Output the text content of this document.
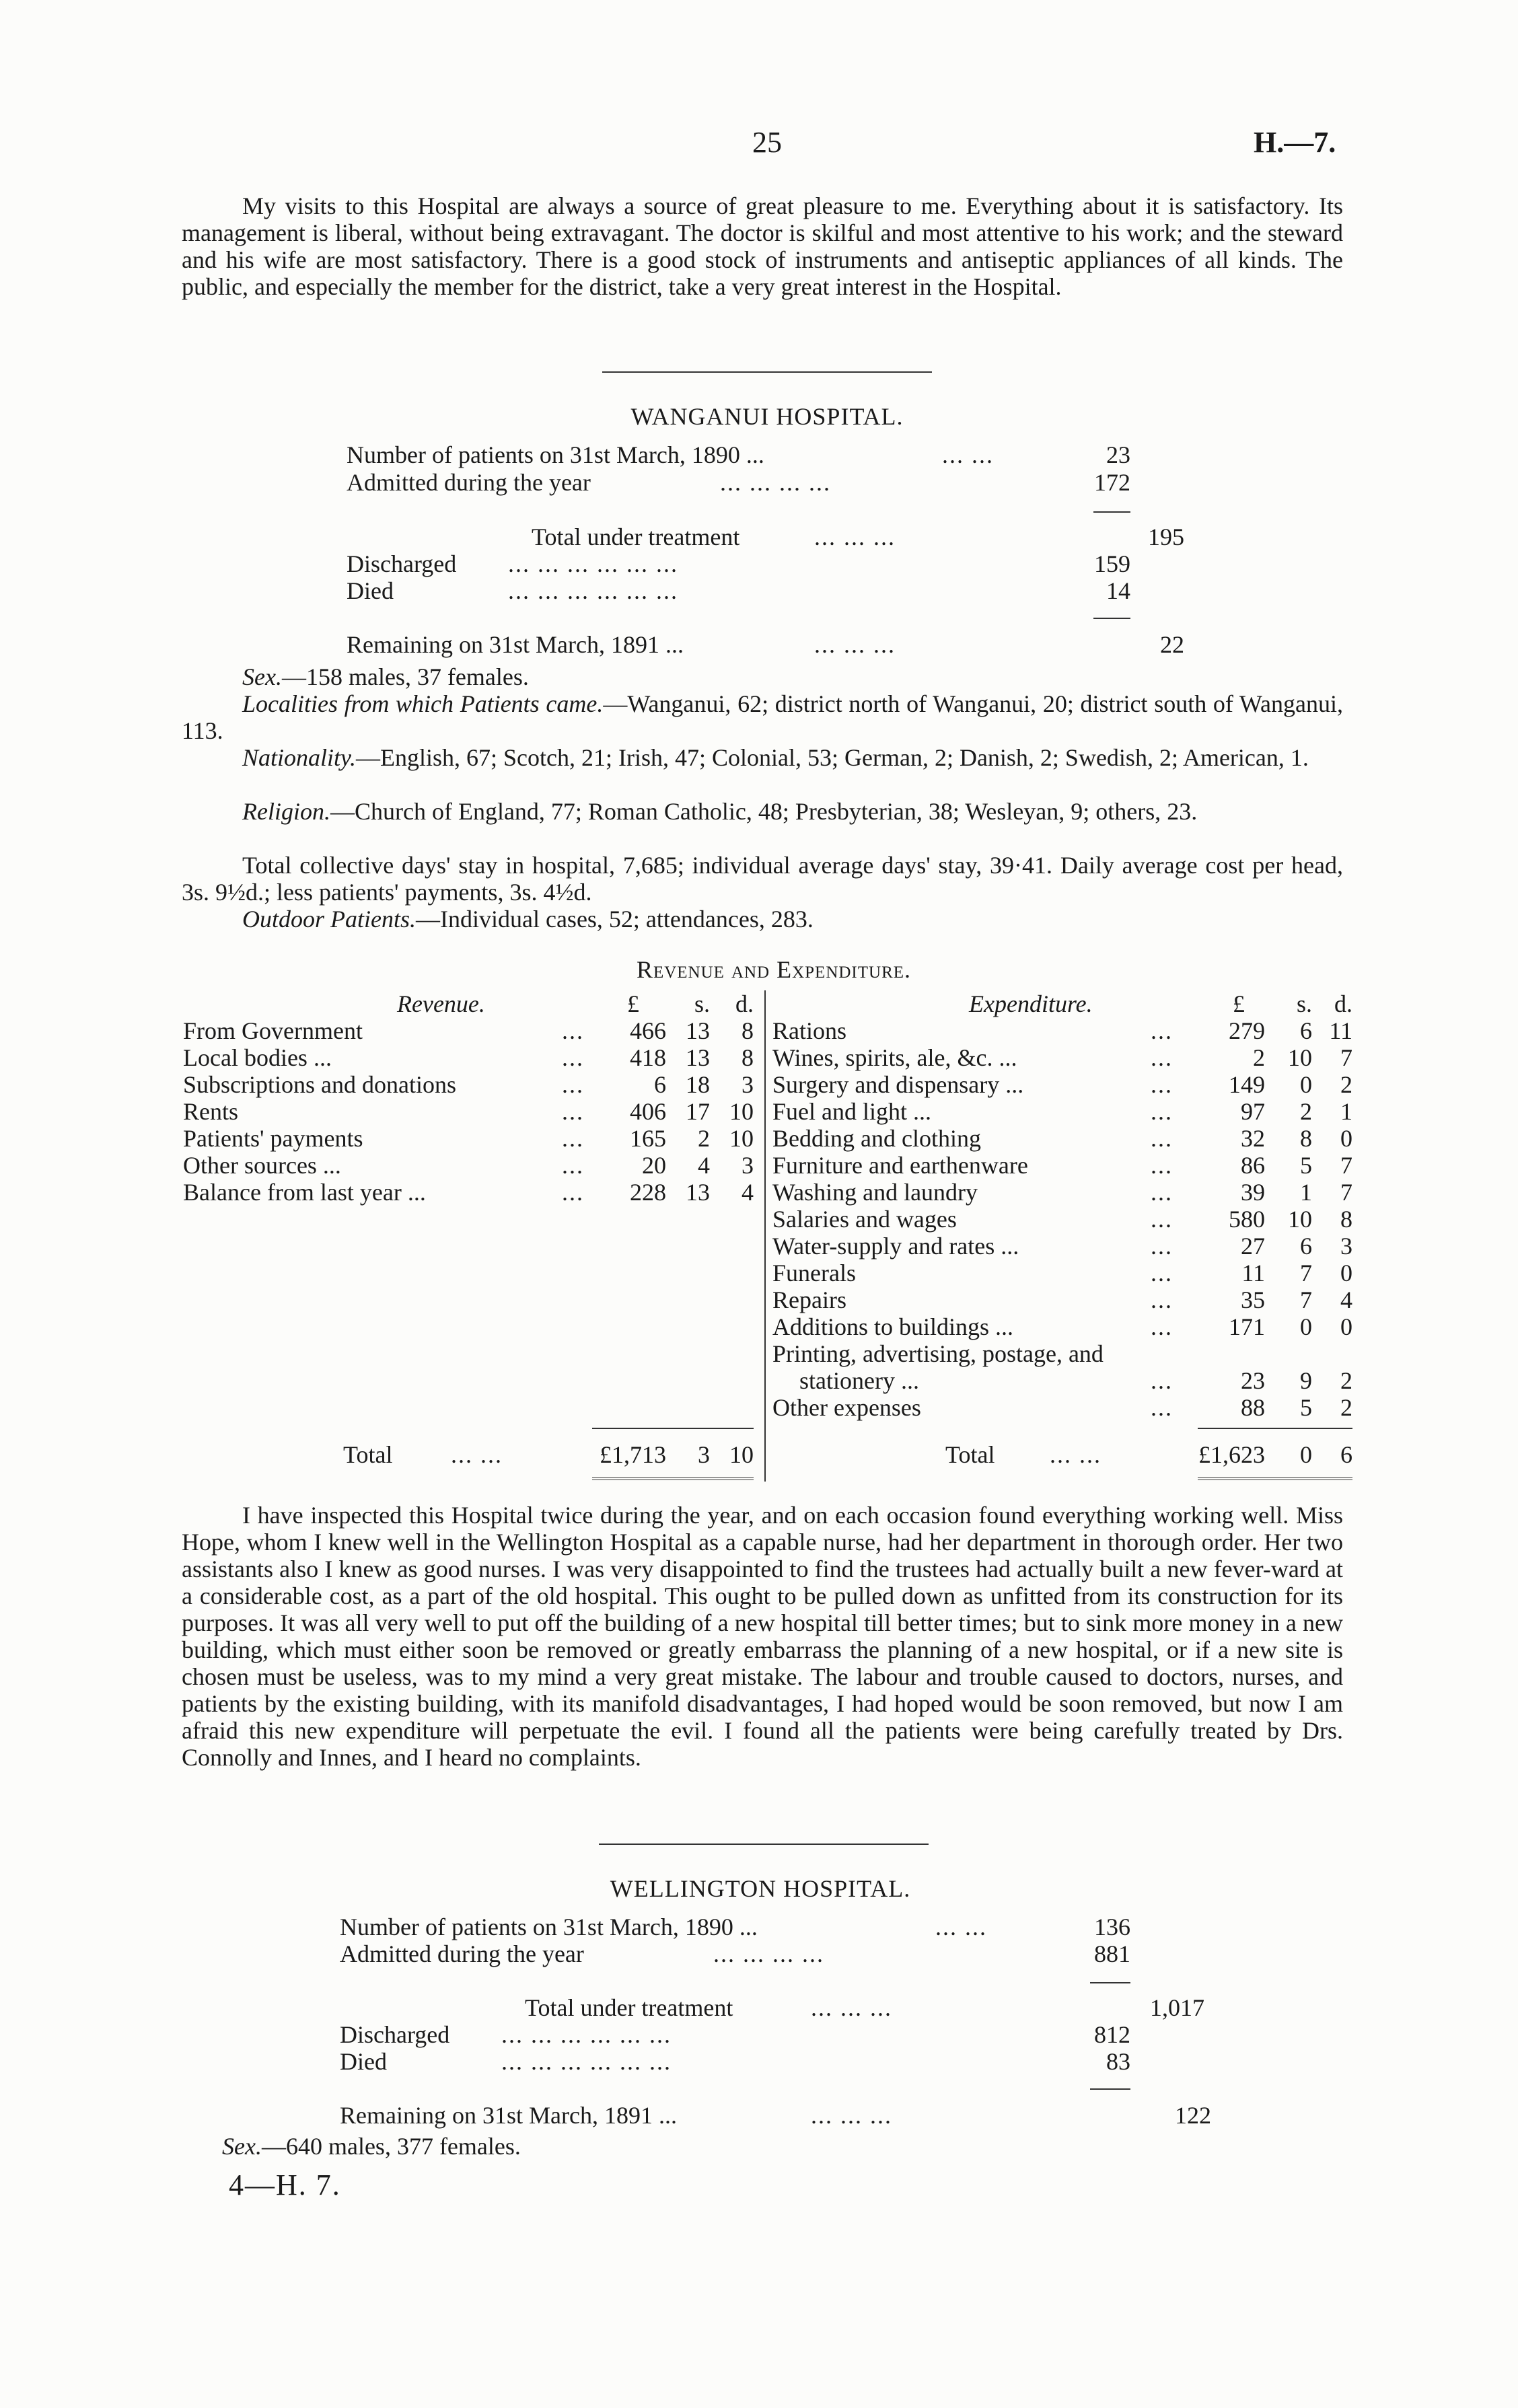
25	H.—7.
My visits to this Hospital are always a source of great pleasure to me. Everything about it is satisfactory. Its management is liberal, without being extravagant. The doctor is skilful and most attentive to his work; and the steward and his wife are most satisfactory. There is a good stock of instruments and antiseptic appliances of all kinds. The public, and especially the member for the district, take a very great interest in the Hospital.
WANGANUI HOSPITAL.
Number of patients on 31st March, 1890 ...	... ...	23
Admitted during the year	... ... ... ...	172
Total under treatment	... ... ...	195
Discharged ... ... ... ... ... ...	159
Died	... ... ... ... ... ...	14
Remaining on 31st March, 1891 ...	... ... ...	22
Sex.—158 males, 37 females.
Localities from which Patients came.—Wanganui, 62; district north of Wanganui, 20; district south of Wanganui, 113.
Nationality.—English, 67; Scotch, 21; Irish, 47; Colonial, 53; German, 2; Danish, 2; Swedish, 2; American, 1.
Religion.—Church of England, 77; Roman Catholic, 48; Presbyterian, 38; Wesleyan, 9; others, 23.
Total collective days' stay in hospital, 7,685; individual average days' stay, 39·41. Daily average cost per head, 3s. 9½d.; less patients' payments, 3s. 4½d.
Outdoor Patients.—Individual cases, 52; attendances, 283.
Revenue and Expenditure.
Revenue.	£	s.	d.	Expenditure.	£	s. d.
From Government	...	466 13	8
Local bodies ...	...	418 13	8
Subscriptions and donations	...	6 18	3
Rents	...	406 17 10
Patients' payments	...	165	2 10
Other sources ...	...	20	4	3
Balance from last year ...	...	228 13	4
Rations	...	279	6 11
Wines, spirits, ale, &c. ...	...	2 10	7
Surgery and dispensary ...	...	149	0	2
Fuel and light ...	...	97	2	1
Bedding and clothing	...	32	8	0
Furniture and earthenware	...	86	5	7
Washing and laundry	...	39	1	7
Salaries and wages	...	580 10	8
Water-supply and rates ...	...	27	6	3
Funerals	...	11	7	0
Repairs	...	35	7	4
Additions to buildings ...	...	171	0	0
Printing, advertising, postage, and
stationery ...	...	23	9	2
Other expenses	...	88	5	2
Total ... ...	£1,713	3 10	Total ... ...	£1,623	0	6
I have inspected this Hospital twice during the year, and on each occasion found everything working well. Miss Hope, whom I knew well in the Wellington Hospital as a capable nurse, had her department in thorough order. Her two assistants also I knew as good nurses. I was very disappointed to find the trustees had actually built a new fever-ward at a considerable cost, as a part of the old hospital. This ought to be pulled down as unfitted from its construction for its purposes. It was all very well to put off the building of a new hospital till better times; but to sink more money in a new building, which must either soon be removed or greatly embarrass the planning of a new hospital, or if a new site is chosen must be useless, was to my mind a very great mistake. The labour and trouble caused to doctors, nurses, and patients by the existing building, with its manifold disadvantages, I had hoped would be soon removed, but now I am afraid this new expenditure will perpetuate the evil. I found all the patients were being carefully treated by Drs. Connolly and Innes, and I heard no complaints.
WELLINGTON HOSPITAL.
Number of patients on 31st March, 1890 ...	... ...	136
Admitted during the year	... ... ... ...	881
Total under treatment	... ... ...	1,017
Discharged ... ... ... ... ... ...	812
Died	... ... ... ... ... ...	83
Remaining on 31st March, 1891 ...	... ... ...	122
Sex.—640 males, 377 females.
4—H. 7.
